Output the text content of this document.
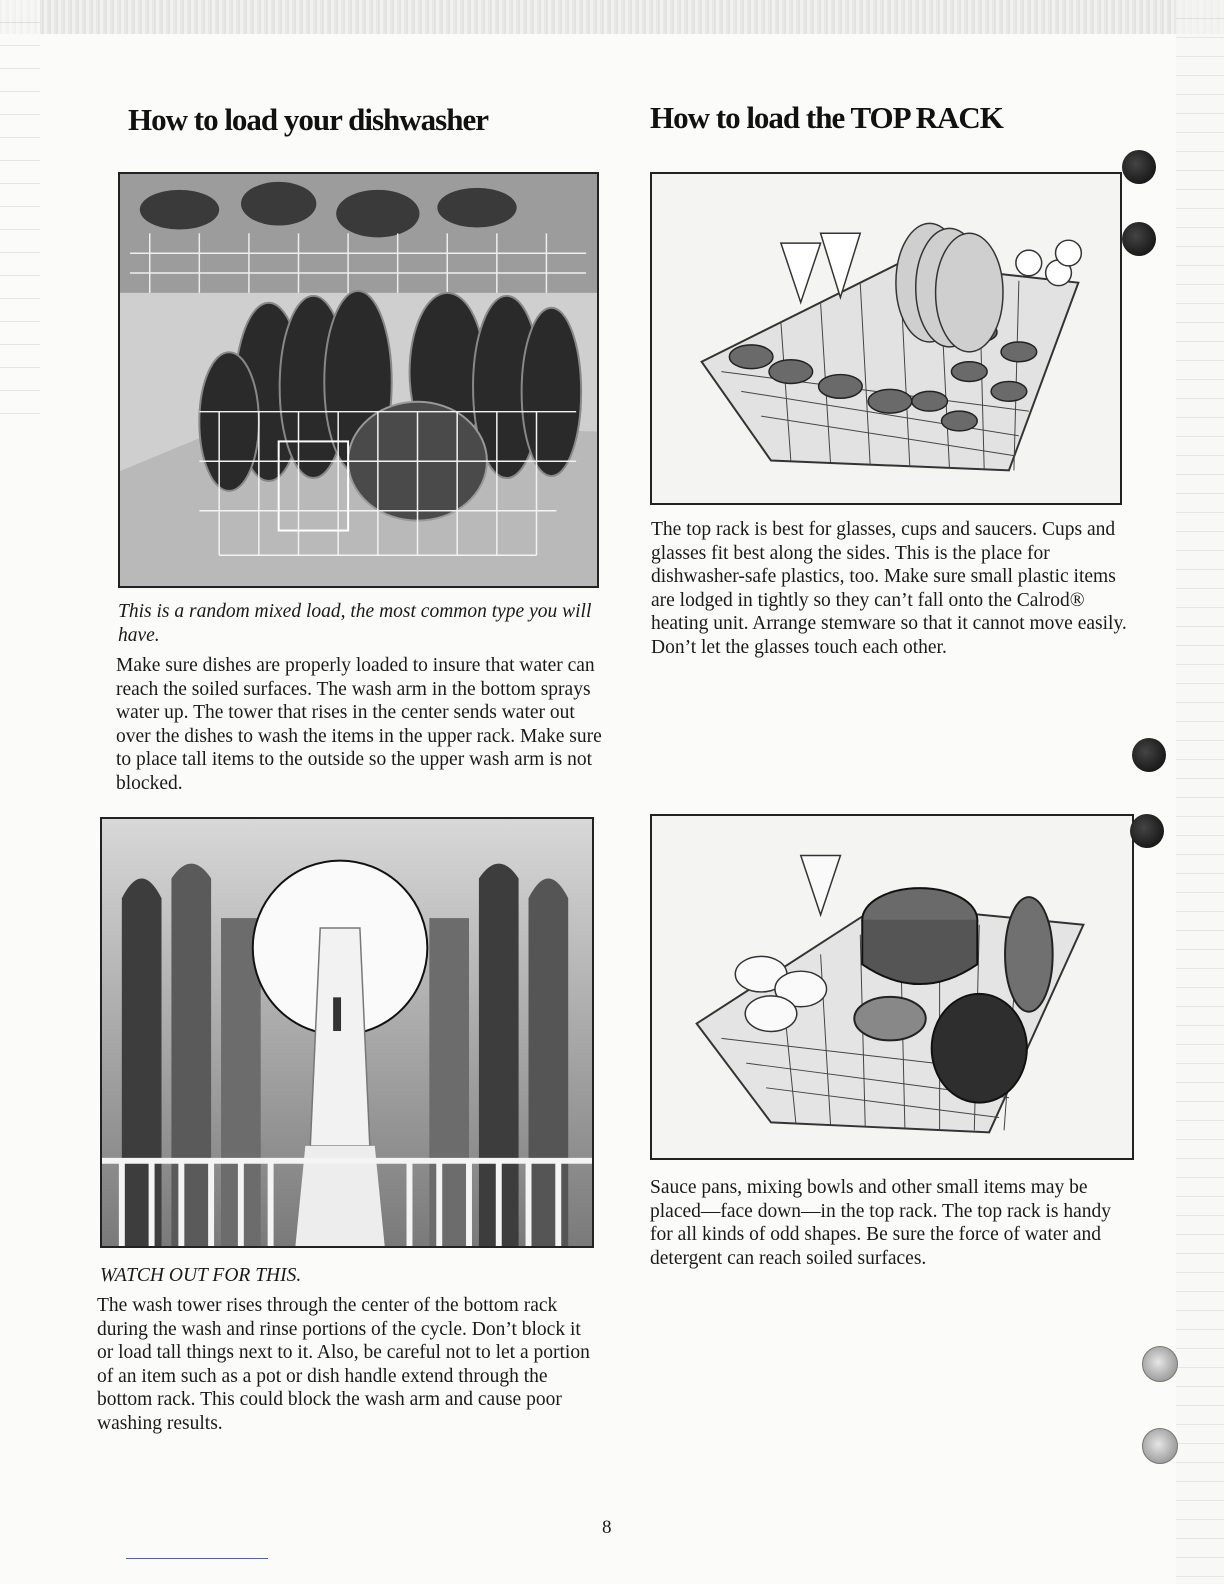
How to load your dishwasher	How to load the TOP RACK

This is a random mixed load, the most common type you will have.

Make sure dishes are properly loaded to insure that water can reach the soiled surfaces. The wash arm in the bottom sprays water up. The tower that rises in the center sends water out over the dishes to wash the items in the upper rack. Make sure to place tall items to the outside so the upper wash arm is not blocked.

The top rack is best for glasses, cups and saucers. Cups and glasses fit best along the sides. This is the place for dishwasher-safe plastics, too. Make sure small plastic items are lodged in tightly so they can’t fall onto the Calrod® heating unit. Arrange stemware so that it cannot move easily. Don’t let the glasses touch each other.

WATCH OUT FOR THIS.

The wash tower rises through the center of the bottom rack during the wash and rinse portions of the cycle. Don’t block it or load tall things next to it. Also, be careful not to let a portion of an item such as a pot or dish handle extend through the bottom rack. This could block the wash arm and cause poor washing results.

Sauce pans, mixing bowls and other small items may be placed—face down—in the top rack. The top rack is handy for all kinds of odd shapes. Be sure the force of water and detergent can reach soiled surfaces.

8
